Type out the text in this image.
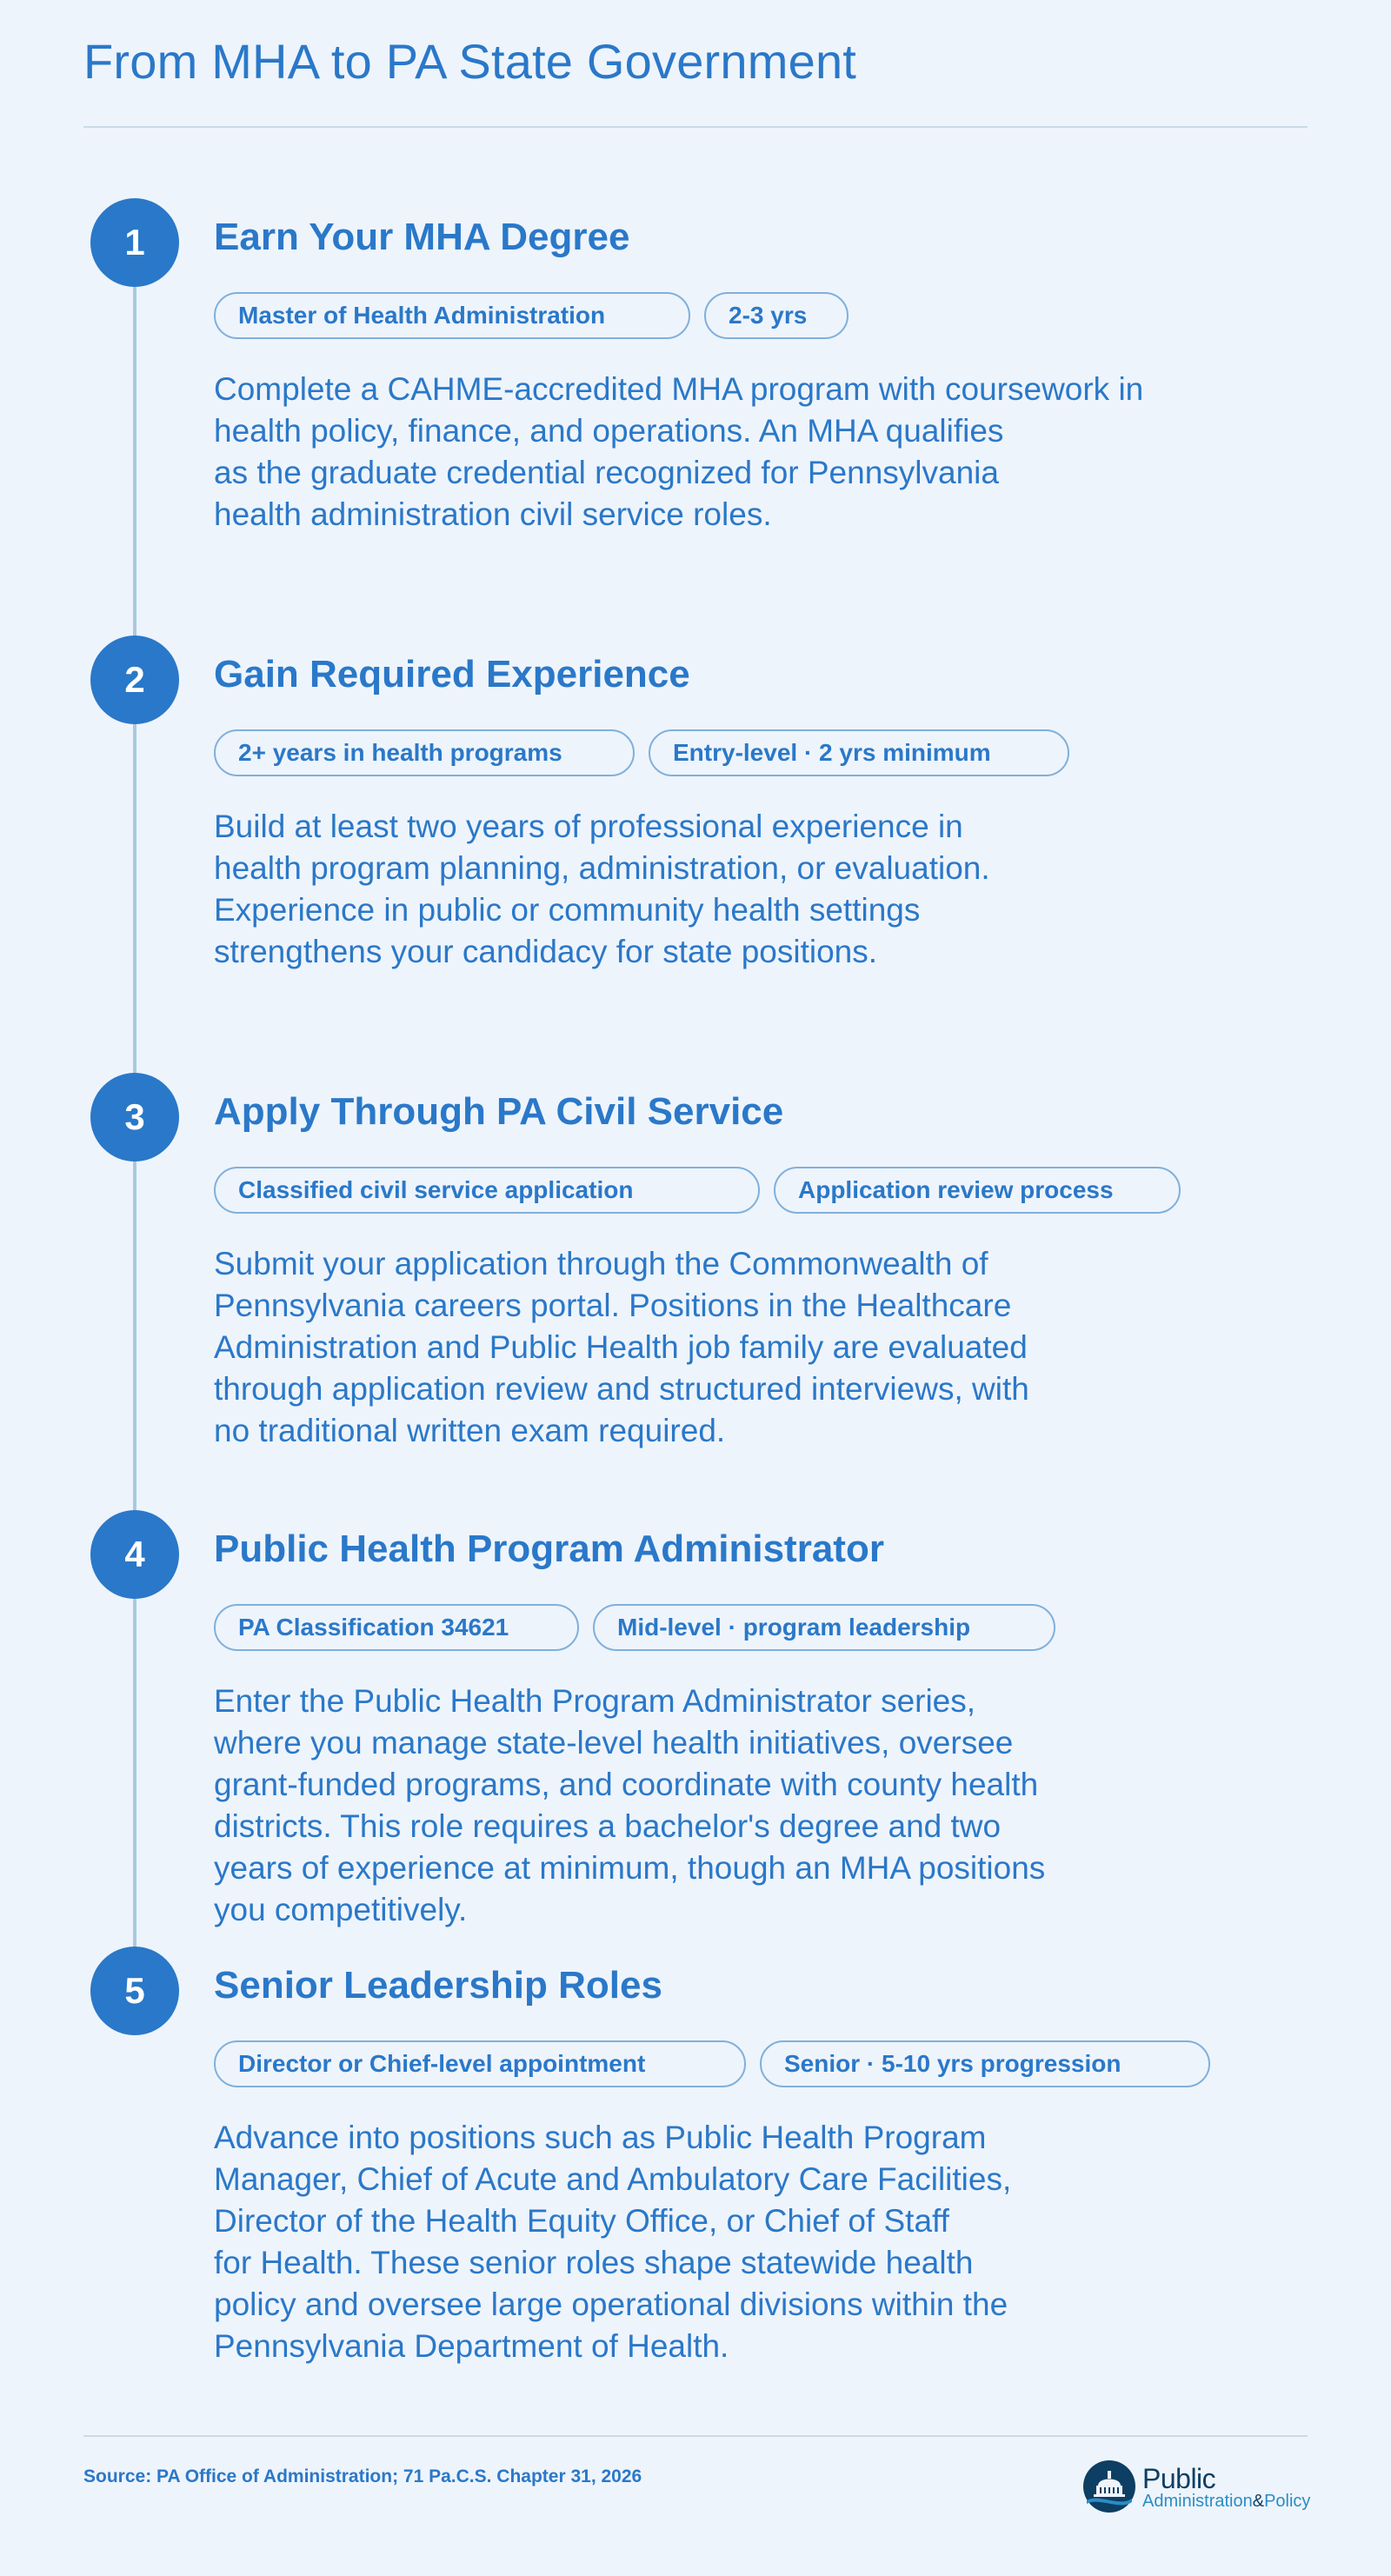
From MHA to PA State Government
1	Earn Your MHA Degree
Master of Health Administration	2-3 yrs

Complete a CAHME-accredited MHA program with coursework in
health policy, finance, and operations. An MHA qualifies
as the graduate credential recognized for Pennsylvania
health administration civil service roles.

2	Gain Required Experience
2+ years in health programs	Entry-level · 2 yrs minimum

Build at least two years of professional experience in
health program planning, administration, or evaluation.
Experience in public or community health settings
strengthens your candidacy for state positions.

3	Apply Through PA Civil Service
Classified civil service application	Application review process

Submit your application through the Commonwealth of
Pennsylvania careers portal. Positions in the Healthcare
Administration and Public Health job family are evaluated
through application review and structured interviews, with
no traditional written exam required.

4	Public Health Program Administrator
PA Classification 34621	Mid-level · program leadership

Enter the Public Health Program Administrator series,
where you manage state-level health initiatives, oversee
grant-funded programs, and coordinate with county health
districts. This role requires a bachelor's degree and two
years of experience at minimum, though an MHA positions
you competitively.

5	Senior Leadership Roles
Director or Chief-level appointment	Senior · 5-10 yrs progression

Advance into positions such as Public Health Program
Manager, Chief of Acute and Ambulatory Care Facilities,
Director of the Health Equity Office, or Chief of Staff
for Health. These senior roles shape statewide health
policy and oversee large operational divisions within the
Pennsylvania Department of Health.

Source: PA Office of Administration; 71 Pa.C.S. Chapter 31, 2026	Public
Administration&Policy
